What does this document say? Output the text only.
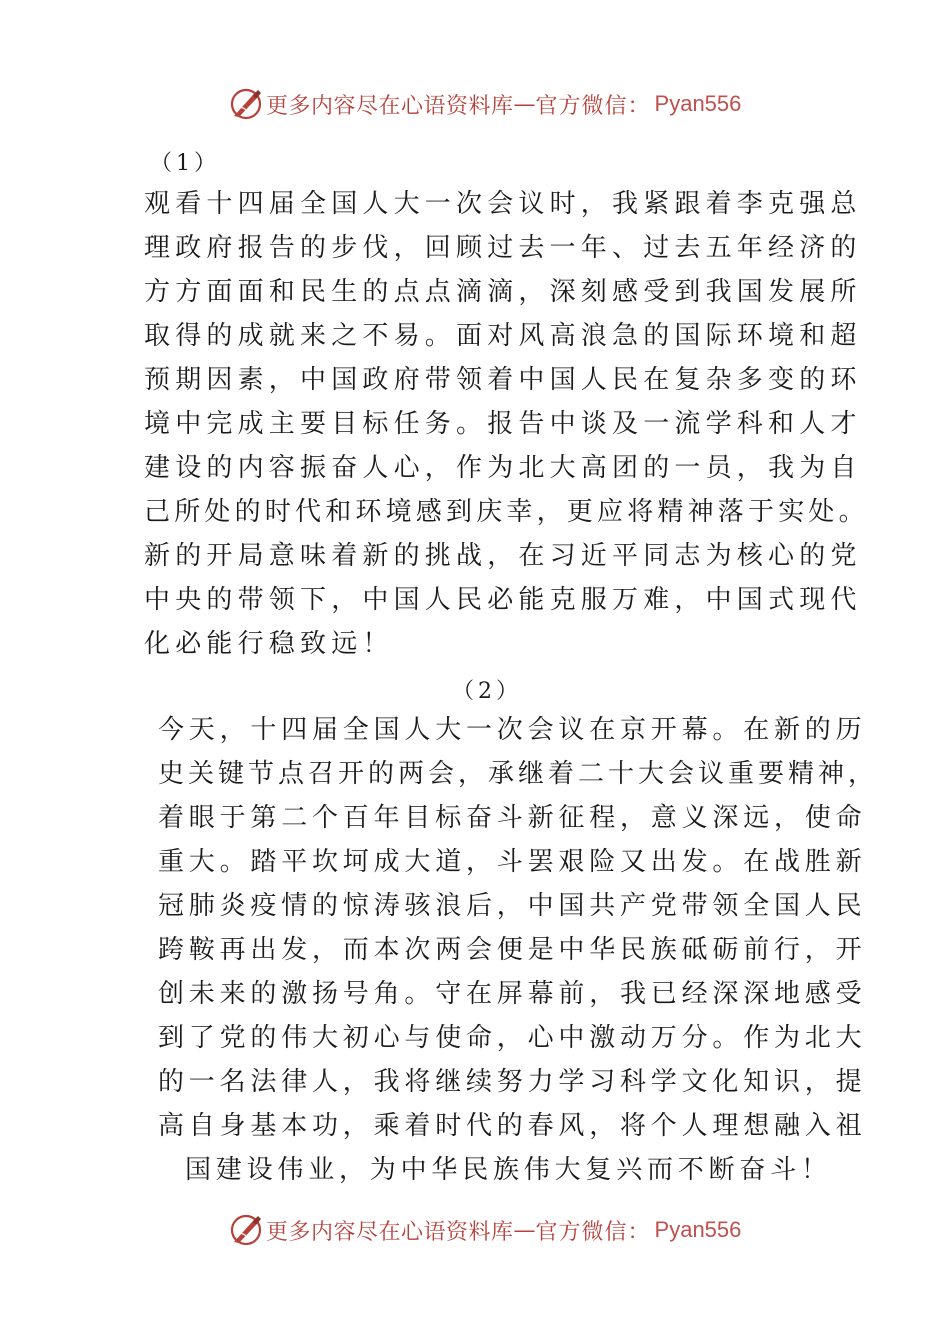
更多内容尽在心语资料库 — 官方微信： Pyan556
（1）
观看十四届全国人大一次会议时，我紧跟着李克强总
理政府报告的步伐，回顾过去一年、过去五年经济的
方方面面和民生的点点滴滴，深刻感受到我国发展所
取得的成就来之不易。面对风高浪急的国际环境和超
预期因素，中国政府带领着中国人民在复杂多变的环
境中完成主要目标任务。报告中谈及一流学科和人才
建设的内容振奋人心，作为北大高团的一员，我为自
己所处的时代和环境感到庆幸，更应将精神落于实处。
新的开局意味着新的挑战，在习近平同志为核心的党
中央的带领下，中国人民必能克服万难，中国式现代
化必能行稳致远！
（2）
今天，十四届全国人大一次会议在京开幕。在新的历
史关键节点召开的两会，承继着二十大会议重要精神，
着眼于第二个百年目标奋斗新征程，意义深远，使命
重大。踏平坎坷成大道，斗罢艰险又出发。在战胜新
冠肺炎疫情的惊涛骇浪后，中国共产党带领全国人民
跨鞍再出发，而本次两会便是中华民族砥砺前行，开
创未来的激扬号角。守在屏幕前，我已经深深地感受
到了党的伟大初心与使命，心中激动万分。作为北大
的一名法律人，我将继续努力学习科学文化知识，提
高自身基本功，乘着时代的春风，将个人理想融入祖
国建设伟业，为中华民族伟大复兴而不断奋斗！
更多内容尽在心语资料库 — 官方微信： Pyan556
